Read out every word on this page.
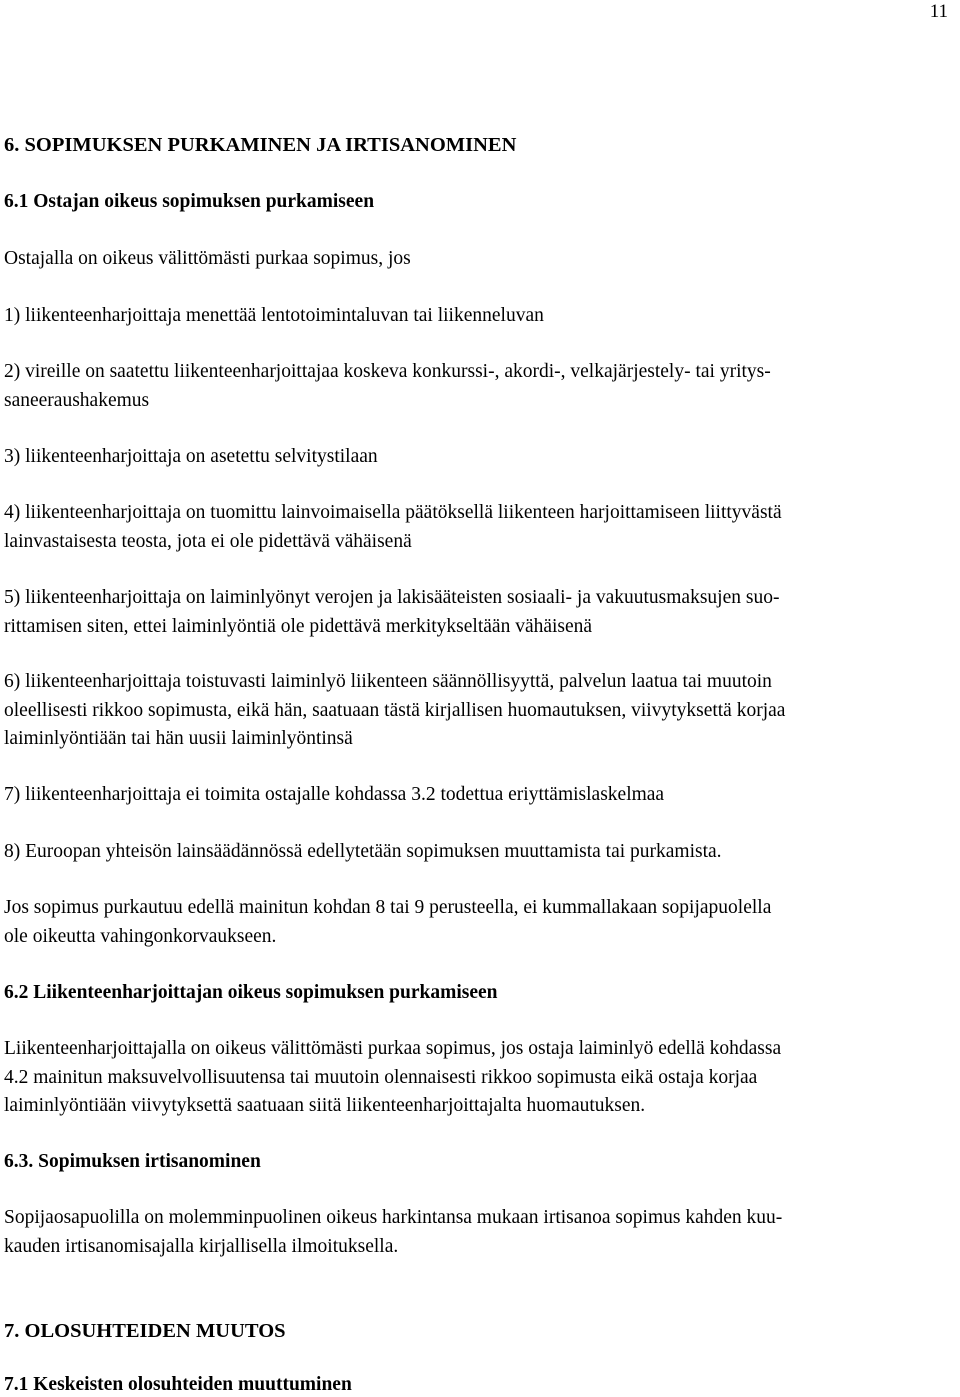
11
6. SOPIMUKSEN PURKAMINEN JA IRTISANOMINEN
6.1 Ostajan oikeus sopimuksen purkamiseen
Ostajalla on oikeus välittömästi purkaa sopimus, jos
1) liikenteenharjoittaja menettää lentotoimintaluvan tai liikenneluvan
2) vireille on saatettu liikenteenharjoittajaa koskeva konkurssi-, akordi-, velkajärjestely- tai yritys-
saneeraushakemus
3) liikenteenharjoittaja on asetettu selvitystilaan
4) liikenteenharjoittaja on tuomittu lainvoimaisella päätöksellä liikenteen harjoittamiseen liittyvästä
lainvastaisesta teosta, jota ei ole pidettävä vähäisenä
5) liikenteenharjoittaja on laiminlyönyt verojen ja lakisääteisten sosiaali- ja vakuutusmaksujen suo-
rittamisen siten, ettei laiminlyöntiä ole pidettävä merkitykseltään vähäisenä
6) liikenteenharjoittaja toistuvasti laiminlyö liikenteen säännöllisyyttä, palvelun laatua tai muutoin
oleellisesti rikkoo sopimusta, eikä hän, saatuaan tästä kirjallisen huomautuksen, viivytyksettä korjaa
laiminlyöntiään tai hän uusii laiminlyöntinsä
7) liikenteenharjoittaja ei toimita ostajalle kohdassa 3.2 todettua eriyttämislaskelmaa
8) Euroopan yhteisön lainsäädännössä edellytetään sopimuksen muuttamista tai purkamista.
Jos sopimus purkautuu edellä mainitun kohdan 8 tai 9 perusteella, ei kummallakaan sopijapuolella
ole oikeutta vahingonkorvaukseen.
6.2 Liikenteenharjoittajan oikeus sopimuksen purkamiseen
Liikenteenharjoittajalla on oikeus välittömästi purkaa sopimus, jos ostaja laiminlyö edellä kohdassa
4.2 mainitun maksuvelvollisuutensa tai muutoin olennaisesti rikkoo sopimusta eikä ostaja korjaa
laiminlyöntiään viivytyksettä saatuaan siitä liikenteenharjoittajalta huomautuksen.
6.3. Sopimuksen irtisanominen
Sopijaosapuolilla on molemminpuolinen oikeus harkintansa mukaan irtisanoa sopimus kahden kuu-
kauden irtisanomisajalla kirjallisella ilmoituksella.
7. OLOSUHTEIDEN MUUTOS
7.1 Keskeisten olosuhteiden muuttuminen
